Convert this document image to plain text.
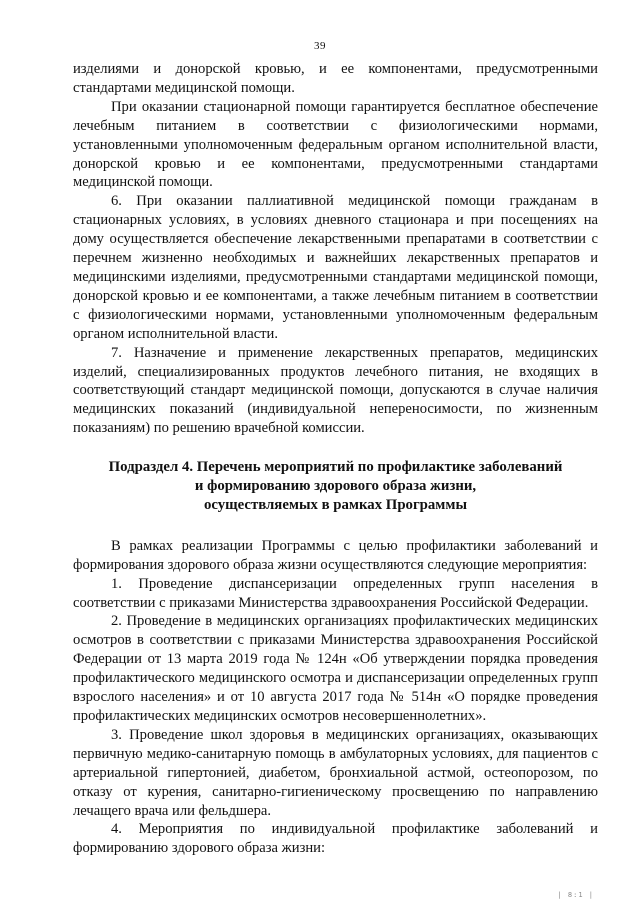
39

изделиями и донорской кровью, и ее компонентами, предусмотренными стандартами медицинской помощи.

При оказании стационарной помощи гарантируется бесплатное обеспечение лечебным питанием в соответствии с физиологическими нормами, установленными уполномоченным федеральным органом исполнительной власти, донорской кровью и ее компонентами, предусмотренными стандартами медицинской помощи.

6. При оказании паллиативной медицинской помощи гражданам в стационарных условиях, в условиях дневного стационара и при посещениях на дому осуществляется обеспечение лекарственными препаратами в соответствии с перечнем жизненно необходимых и важнейших лекарственных препаратов и медицинскими изделиями, предусмотренными стандартами медицинской помощи, донорской кровью и ее компонентами, а также лечебным питанием в соответствии с физиологическими нормами, установленными уполномоченным федеральным органом исполнительной власти.

7. Назначение и применение лекарственных препаратов, медицинских изделий, специализированных продуктов лечебного питания, не входящих в соответствующий стандарт медицинской помощи, допускаются в случае наличия медицинских показаний (индивидуальной непереносимости, по жизненным показаниям) по решению врачебной комиссии.

Подраздел 4. Перечень мероприятий по профилактике заболеваний
и формированию здорового образа жизни,
осуществляемых в рамках Программы

В рамках реализации Программы с целью профилактики заболеваний и формирования здорового образа жизни осуществляются следующие мероприятия:

1. Проведение диспансеризации определенных групп населения в соответствии с приказами Министерства здравоохранения Российской Федерации.

2. Проведение в медицинских организациях профилактических медицинских осмотров в соответствии с приказами Министерства здравоохранения Российской Федерации от 13 марта 2019 года № 124н «Об утверждении порядка проведения профилактического медицинского осмотра и диспансеризации определенных групп взрослого населения» и от 10 августа 2017 года № 514н «О порядке проведения профилактических медицинских осмотров несовершеннолетних».

3. Проведение школ здоровья в медицинских организациях, оказывающих первичную медико-санитарную помощь в амбулаторных условиях, для пациентов с артериальной гипертонией, диабетом, бронхиальной астмой, остеопорозом, по отказу от курения, санитарно-гигиеническому просвещению по направлению лечащего врача или фельдшера.

4. Мероприятия по индивидуальной профилактике заболеваний и формированию здорового образа жизни:

| 8:1 |
